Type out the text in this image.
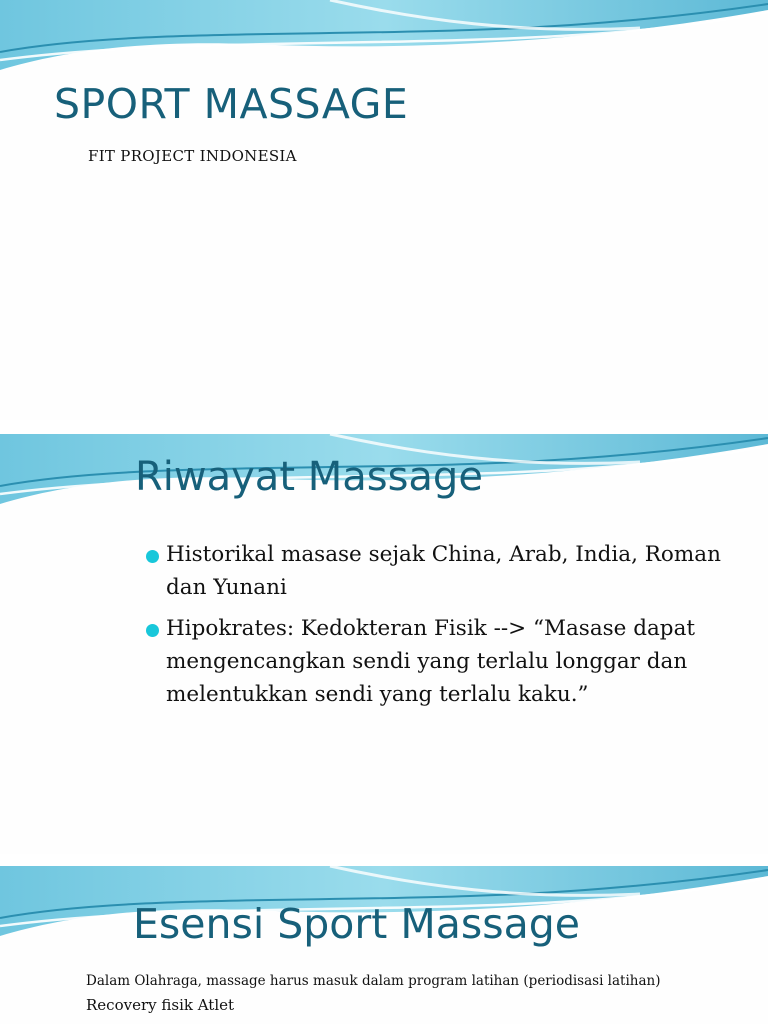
SPORT MASSAGE

FIT PROJECT INDONESIA

Riwayat Massage
Historikal masase sejak China, Arab, India, Roman dan Yunani
Hipokrates: Kedokteran Fisik --> “Masase dapat mengencangkan sendi yang terlalu longgar dan melentukkan sendi yang terlalu kaku.”
Esensi Sport Massage

Dalam Olahraga, massage harus masuk dalam program latihan (periodisasi latihan)

Recovery fisik Atlet
